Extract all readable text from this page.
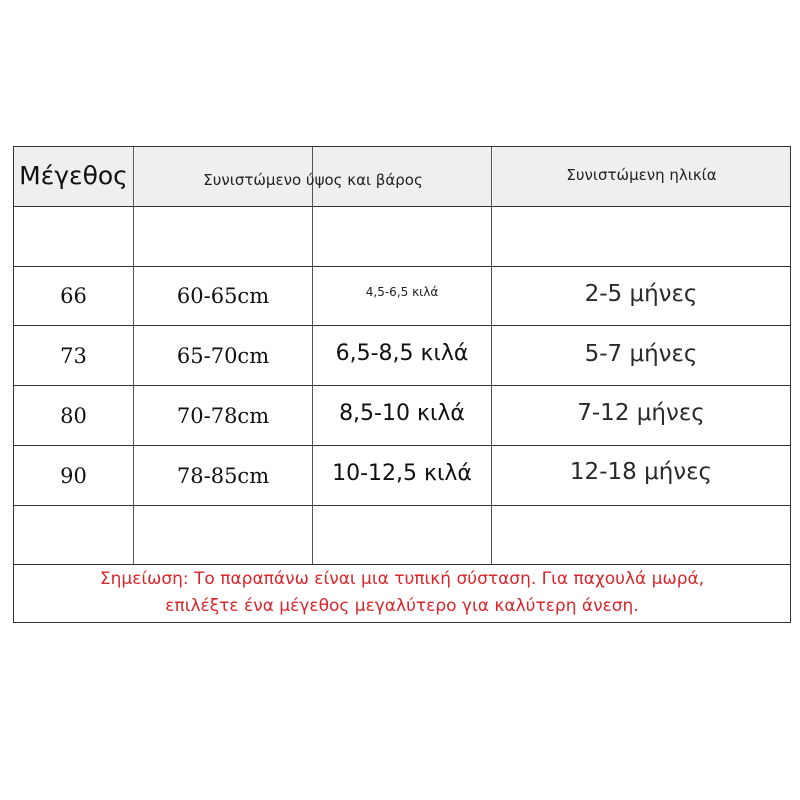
Μέγεθος	Συνιστώμενο ύψος και βάρος	Συνιστώμενη ηλικία
66	60-65cm	4,5-6,5 κιλά	2-5 μήνες
73	65-70cm	6,5-8,5 κιλά	5-7 μήνες
80	70-78cm	8,5-10 κιλά	7-12 μήνες
90	78-85cm	10-12,5 κιλά	12-18 μήνες
Σημείωση: Το παραπάνω είναι μια τυπική σύσταση. Για παχουλά μωρά,
επιλέξτε ένα μέγεθος μεγαλύτερο για καλύτερη άνεση.
